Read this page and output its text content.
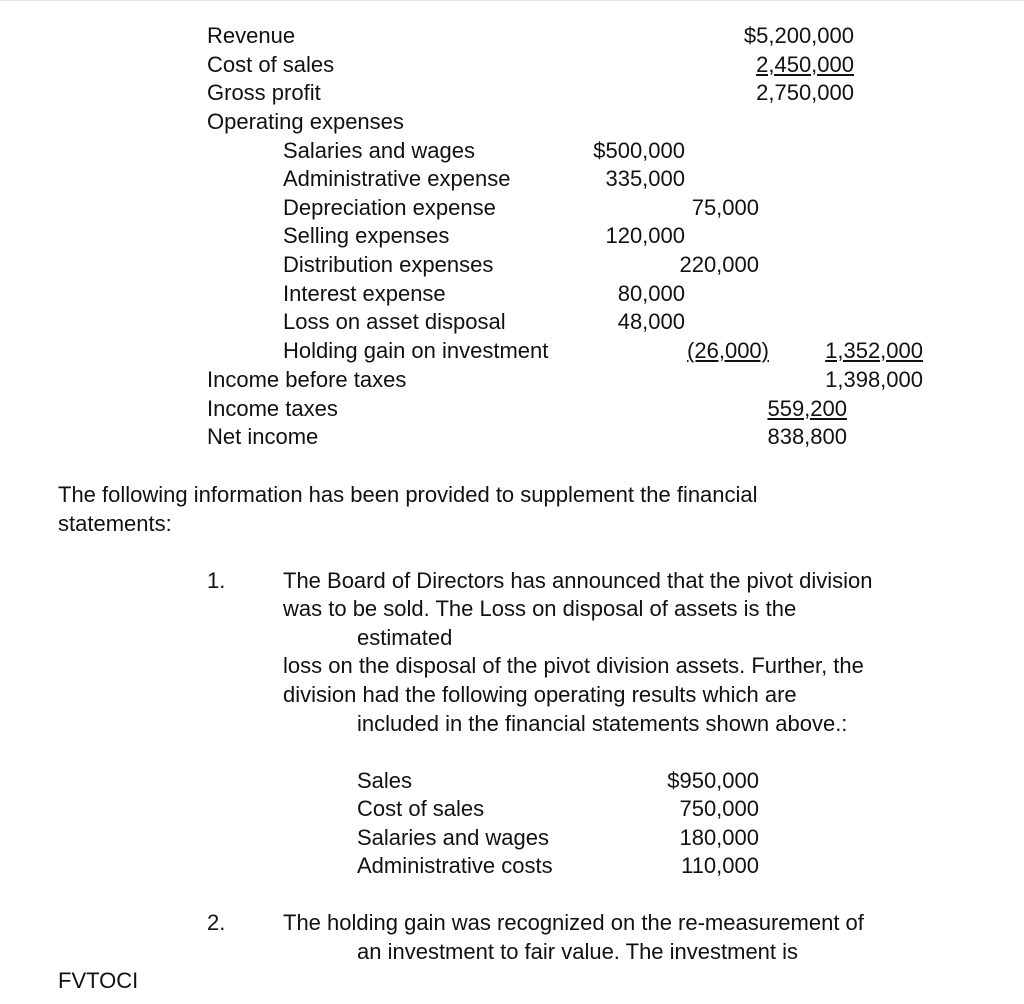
Revenue	$5,200,000
Cost of sales	2,450,000
Gross profit	2,750,000
Operating expenses
Salaries and wages	$500,000
Administrative expense	335,000
Depreciation expense	75,000
Selling expenses	120,000
Distribution expenses	220,000
Interest expense	80,000
Loss on asset disposal	48,000
Holding gain on investment	(26,000)	1,352,000
Income before taxes	1,398,000
Income taxes	559,200
Net income	838,800
The following information has been provided to supplement the financial
statements:
1.	The Board of Directors has announced that the pivot division
was to be sold. The Loss on disposal of assets is the
estimated
loss on the disposal of the pivot division assets. Further, the
division had the following operating results which are
included in the financial statements shown above.:
Sales	$950,000
Cost of sales	750,000
Salaries and wages	180,000
Administrative costs	110,000
2.	The holding gain was recognized on the re-measurement of
an investment to fair value. The investment is
FVTOCI
